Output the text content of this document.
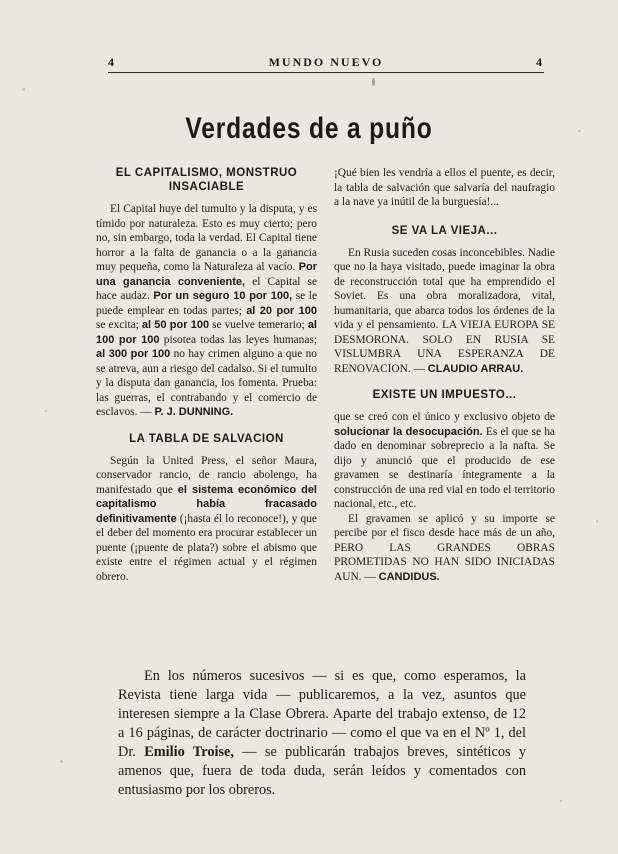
4	MUNDO NUEVO	4
Verdades de a puño
EL CAPITALISMO, MONSTRUO INSACIABLE

El Capital huye del tumulto y la disputa, y es tímido por naturaleza. Esto es muy cierto; pero no, sin embargo, toda la verdad. El Capital tiene horror a la falta de ganancia o a la ganancia muy pequeña, como la Naturaleza al vacío. Por una ganancia conveniente, el Capital se hace audaz. Por un seguro 10 por 100, se le puede emplear en todas partes; al 20 por 100 se excita; al 50 por 100 se vuelve temerario; al 100 por 100 pisotea todas las leyes humanas; al 300 por 100 no hay crimen alguno a que no se atreva, aun a riesgo del cadalso. Si el tumulto y la disputa dan ganancia, los fomenta. Prueba: las guerras, el contrabando y el comercio de esclavos. — P. J. DUNNING.

LA TABLA DE SALVACION

Según la United Press, el señor Maura, conservador rancio, de rancio abolengo, ha manifestado que el sistema económico del capitalismo había fracasado definitivamente (¡hasta él lo reconoce!), y que el deber del momento era procurar establecer un puente (¡puente de plata?) sobre el abismo que existe entre el régimen actual y el régimen obrero.

¡Qué bien les vendría a ellos el puente, es decir, la tabla de salvación que salvaría del naufragio a la nave ya inútil de la burguesía!...

SE VA LA VIEJA...

En Rusia suceden cosas inconcebibles. Nadie que no la haya visitado, puede imaginar la obra de reconstrucción total que ha emprendido el Soviet. Es una obra moralizadora, vital, humanitaria, que abarca todos los órdenes de la vida y el pensamiento. LA VIEJA EUROPA SE DESMORONA. SOLO EN RUSIA SE VISLUMBRA UNA ESPERANZA DE RENOVACION. — CLAUDIO ARRAU.

EXISTE UN IMPUESTO...

que se creó con el único y exclusivo objeto de solucionar la desocupación. Es el que se ha dado en denominar sobreprecio a la nafta. Se dijo y anunció que el producido de ese gravamen se destinaría íntegramente a la construcción de una red vial en todo el territorio nacional, etc., etc.

El gravamen se aplicó y su importe se percibe por el fisco desde hace más de un año, PERO LAS GRANDES OBRAS PROMETIDAS NO HAN SIDO INICIADAS AUN. — CANDIDUS.

En los números sucesivos — si es que, como esperamos, la Revista tiene larga vida — publicaremos, a la vez, asuntos que interesen siempre a la Clase Obrera. Aparte del trabajo extenso, de 12 a 16 páginas, de carácter doctrinario — como el que va en el Nº 1, del Dr. Emilio Troise, — se publicarán trabajos breves, sintéticos y amenos que, fuera de toda duda, serán leídos y comentados con entusiasmo por los obreros.
